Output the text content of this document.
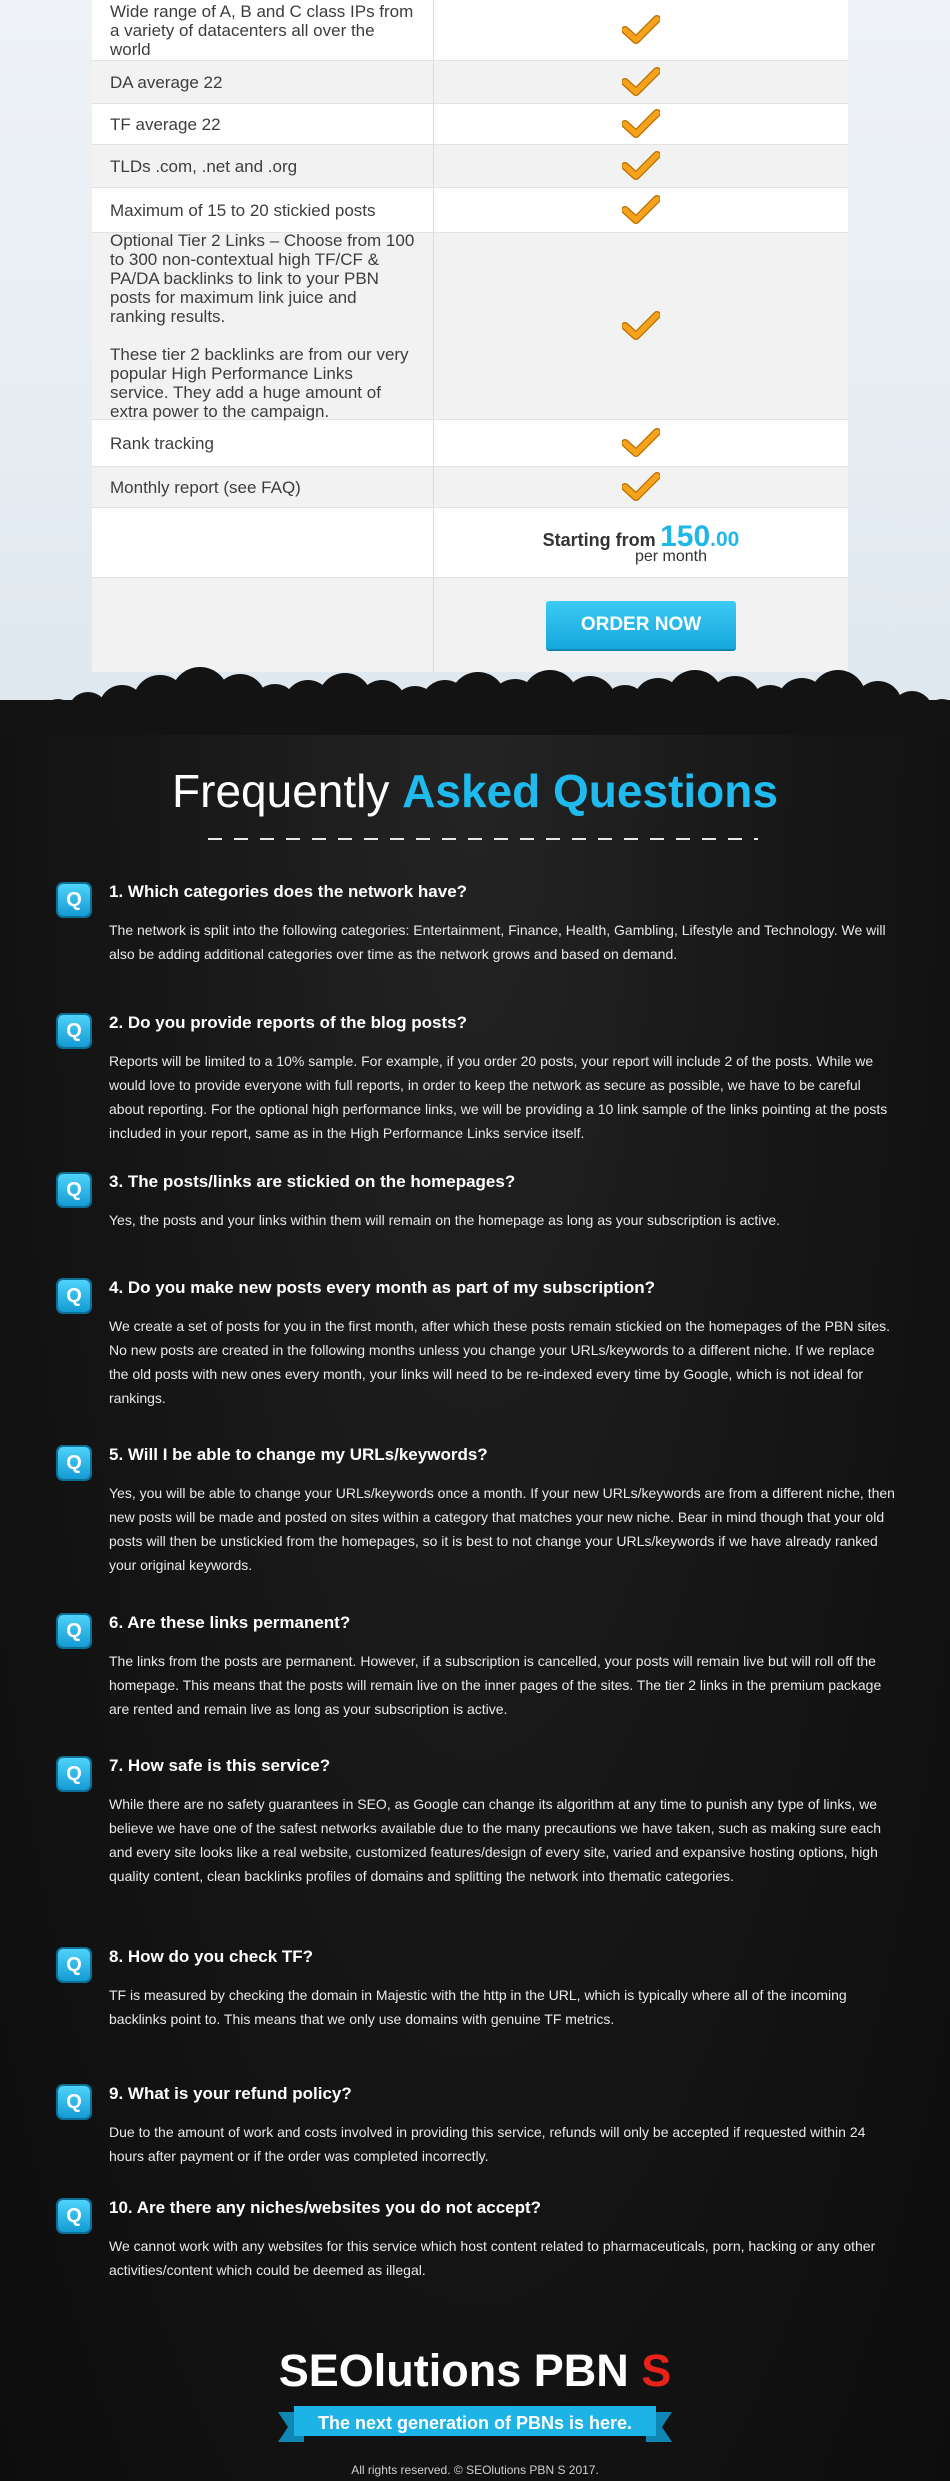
Wide range of A, B and C class IPs from a variety of datacenters all over the world

DA average 22

TF average 22

TLDs .com, .net and .org

Maximum of 15 to 20 stickied posts

Optional Tier 2 Links – Choose from 100 to 300 non-contextual high TF/CF & PA/DA backlinks to link to your PBN posts for maximum link juice and ranking results.

These tier 2 backlinks are from our very popular High Performance Links service. They add a huge amount of extra power to the campaign.

Rank tracking

Monthly report (see FAQ)

Starting from 150.00
per month
ORDER NOW
Frequently Asked Questions
Q 1. Which categories does the network have?

The network is split into the following categories: Entertainment, Finance, Health, Gambling, Lifestyle and Technology. We will also be adding additional categories over time as the network grows and based on demand.

Q 2. Do you provide reports of the blog posts?

Reports will be limited to a 10% sample. For example, if you order 20 posts, your report will include 2 of the posts. While we would love to provide everyone with full reports, in order to keep the network as secure as possible, we have to be careful about reporting. For the optional high performance links, we will be providing a 10 link sample of the links pointing at the posts included in your report, same as in the High Performance Links service itself.

Q 3. The posts/links are stickied on the homepages?

Yes, the posts and your links within them will remain on the homepage as long as your subscription is active.

Q 4. Do you make new posts every month as part of my subscription?

We create a set of posts for you in the first month, after which these posts remain stickied on the homepages of the PBN sites. No new posts are created in the following months unless you change your URLs/keywords to a different niche. If we replace the old posts with new ones every month, your links will need to be re-indexed every time by Google, which is not ideal for rankings.

Q 5. Will I be able to change my URLs/keywords?

Yes, you will be able to change your URLs/keywords once a month. If your new URLs/keywords are from a different niche, then new posts will be made and posted on sites within a category that matches your new niche. Bear in mind though that your old posts will then be unstickied from the homepages, so it is best to not change your URLs/keywords if we have already ranked your original keywords.

Q 6. Are these links permanent?

The links from the posts are permanent. However, if a subscription is cancelled, your posts will remain live but will roll off the homepage. This means that the posts will remain live on the inner pages of the sites. The tier 2 links in the premium package are rented and remain live as long as your subscription is active.

Q 7. How safe is this service?

While there are no safety guarantees in SEO, as Google can change its algorithm at any time to punish any type of links, we believe we have one of the safest networks available due to the many precautions we have taken, such as making sure each and every site looks like a real website, customized features/design of every site, varied and expansive hosting options, high quality content, clean backlinks profiles of domains and splitting the network into thematic categories.

Q 8. How do you check TF?

TF is measured by checking the domain in Majestic with the http in the URL, which is typically where all of the incoming backlinks point to. This means that we only use domains with genuine TF metrics.

Q 9. What is your refund policy?

Due to the amount of work and costs involved in providing this service, refunds will only be accepted if requested within 24 hours after payment or if the order was completed incorrectly.

Q 10. Are there any niches/websites you do not accept?

We cannot work with any websites for this service which host content related to pharmaceuticals, porn, hacking or any other activities/content which could be deemed as illegal.

SEOlutions PBN S
The next generation of PBNs is here.
All rights reserved. © SEOlutions PBN S 2017.
